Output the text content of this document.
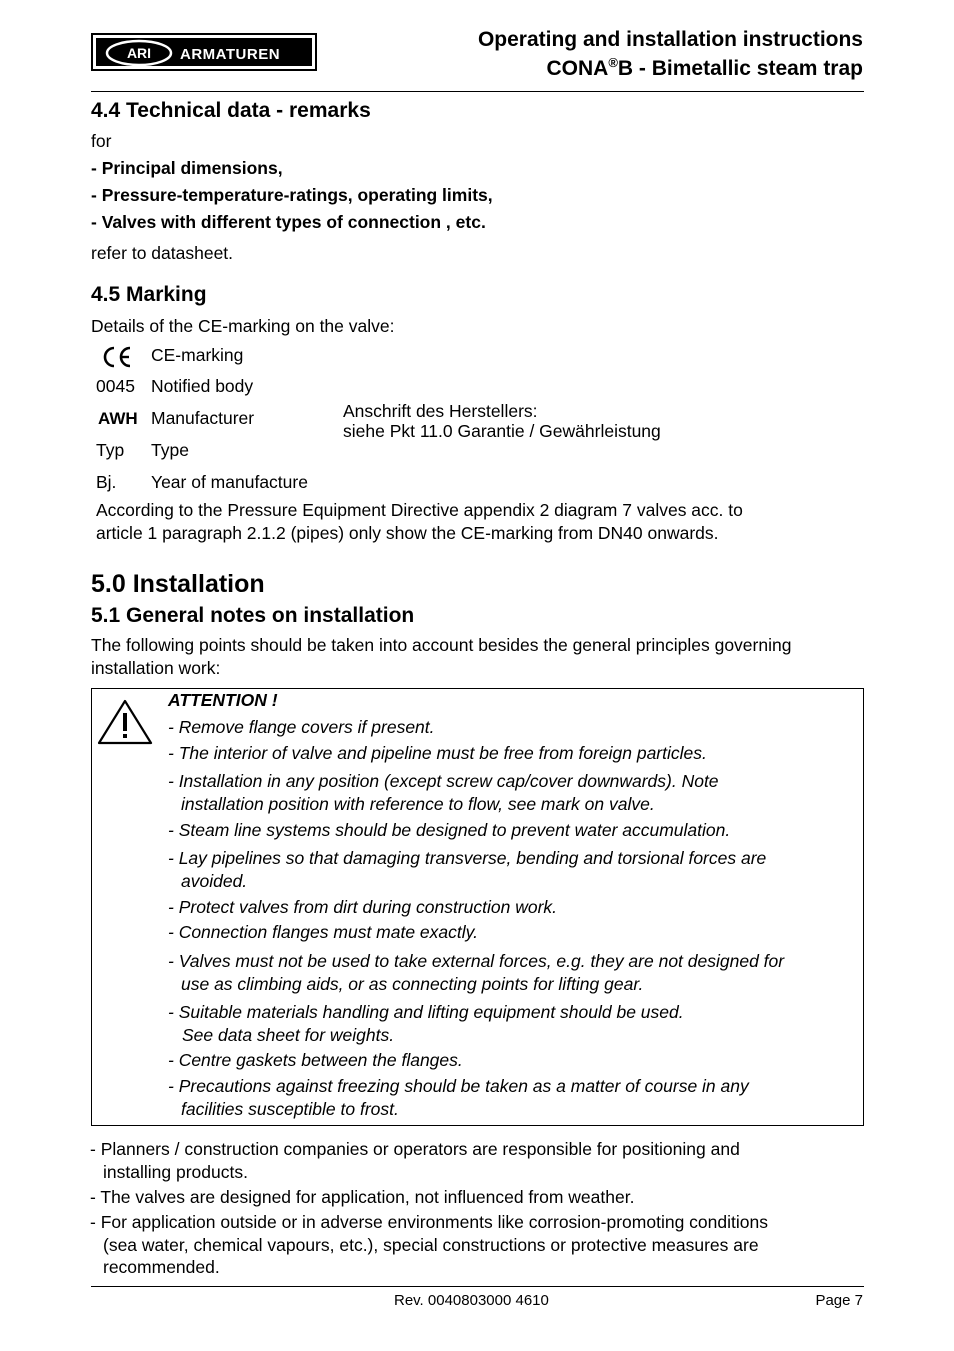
ARI ARMATUREN
Operating and installation instructions
CONA®B - Bimetallic steam trap
4.4 Technical data - remarks
for
- Principal dimensions,
- Pressure-temperature-ratings, operating limits,
- Valves with different types of connection , etc.
refer to datasheet.
4.5 Marking
Details of the CE-marking on the valve:
CE-marking
0045 Notified body
AWH Manufacturer	Anschrift des Herstellers:
siehe Pkt 11.0 Garantie / Gewährleistung
Typ Type
Bj. Year of manufacture
According to the Pressure Equipment Directive appendix 2 diagram 7 valves acc. to
article 1 paragraph 2.1.2 (pipes) only show the CE-marking from DN40 onwards.
5.0 Installation
5.1 General notes on installation
The following points should be taken into account besides the general principles governing
installation work:
ATTENTION !
- Remove flange covers if present.
- The interior of valve and pipeline must be free from foreign particles.
- Installation in any position (except screw cap/cover downwards). Note
installation position with reference to flow, see mark on valve.
- Steam line systems should be designed to prevent water accumulation.
- Lay pipelines so that damaging transverse, bending and torsional forces are
avoided.
- Protect valves from dirt during construction work.
- Connection flanges must mate exactly.
- Valves must not be used to take external forces, e.g. they are not designed for
use as climbing aids, or as connecting points for lifting gear.
- Suitable materials handling and lifting equipment should be used.
See data sheet for weights.
- Centre gaskets between the flanges.
- Precautions against freezing should be taken as a matter of course in any
facilities susceptible to frost.
- Planners / construction companies or operators are responsible for positioning and
installing products.
- The valves are designed for application, not influenced from weather.
- For application outside or in adverse environments like corrosion-promoting conditions
(sea water, chemical vapours, etc.), special constructions or protective measures are
recommended.
Rev. 0040803000 4610	Page 7
